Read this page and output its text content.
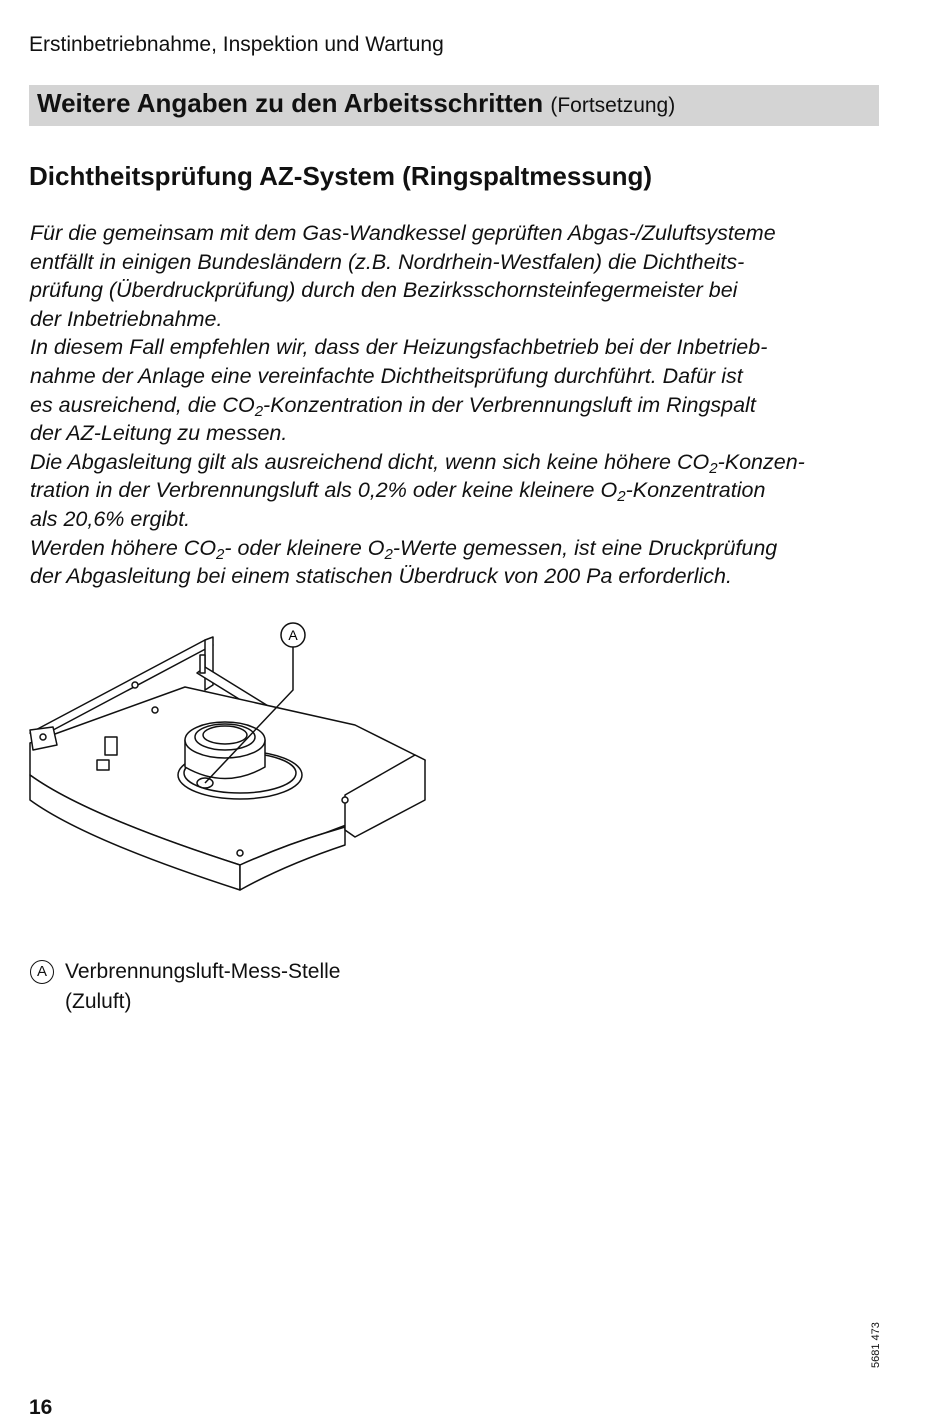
Erstinbetriebnahme, Inspektion und Wartung
Weitere Angaben zu den Arbeitsschritten (Fortsetzung)
Dichtheitsprüfung AZ-System (Ringspaltmessung)

Für die gemeinsam mit dem Gas-Wandkessel geprüften Abgas-/Zuluftsysteme

entfällt in einigen Bundesländern (z.B. Nordrhein-Westfalen) die Dichtheits-

prüfung (Überdruckprüfung) durch den Bezirksschornsteinfegermeister bei

der Inbetriebnahme.

In diesem Fall empfehlen wir, dass der Heizungsfachbetrieb bei der Inbetrieb-

nahme der Anlage eine vereinfachte Dichtheitsprüfung durchführt. Dafür ist

es ausreichend, die $CO_2$-Konzentration in der Verbrennungsluft im Ringspalt

der AZ-Leitung zu messen.

Die Abgasleitung gilt als ausreichend dicht, wenn sich keine höhere $CO_2-Konzen-$

tration in der Verbrennungsluft als 0,2% oder keine kleinere $O_2$-Konzentration

als 20,6% ergibt.

Werden höhere $CO_2-$ oder kleinere $O_2$-Werte gemessen, ist eine Druckprüfung

der Abgasleitung bei einem statischen Überdruck von 200 Pa erforderlich.

A
A Verbrennungsluft-Mess-Stelle
(Zuluft)
5681 473
16
